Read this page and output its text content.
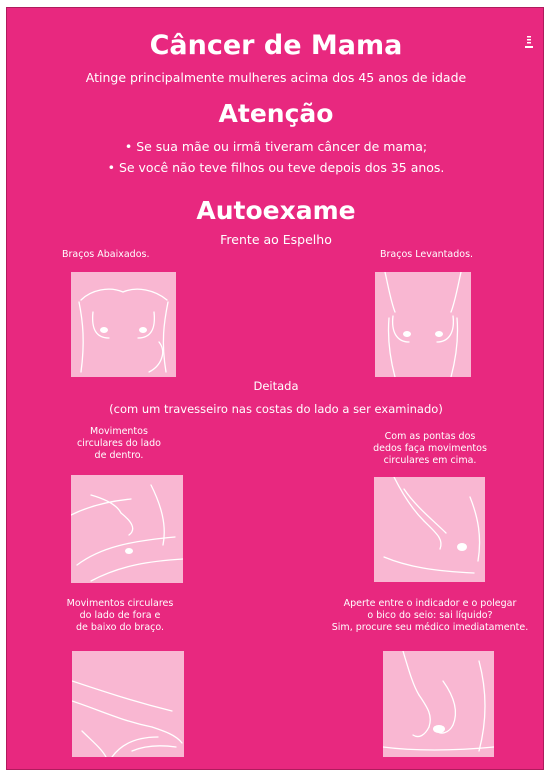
Câncer de Mama
Atinge principalmente mulheres acima dos 45 anos de idade
Atenção
• Se sua mãe ou irmã tiveram câncer de mama;
• Se você não teve filhos ou teve depois dos 35 anos.
Autoexame
Frente ao Espelho
Braços Abaixados.	Braços Levantados.
Deitada
(com um travesseiro nas costas do lado a ser examinado)
Movimentos
circulares do lado
de dentro.
Com as pontas dos
dedos faça movimentos
circulares em cima.
Movimentos circulares
do lado de fora e
de baixo do braço.
Aperte entre o indicador e o polegar
o bico do seio: sai líquido?
Sim, procure seu médico imediatamente.
